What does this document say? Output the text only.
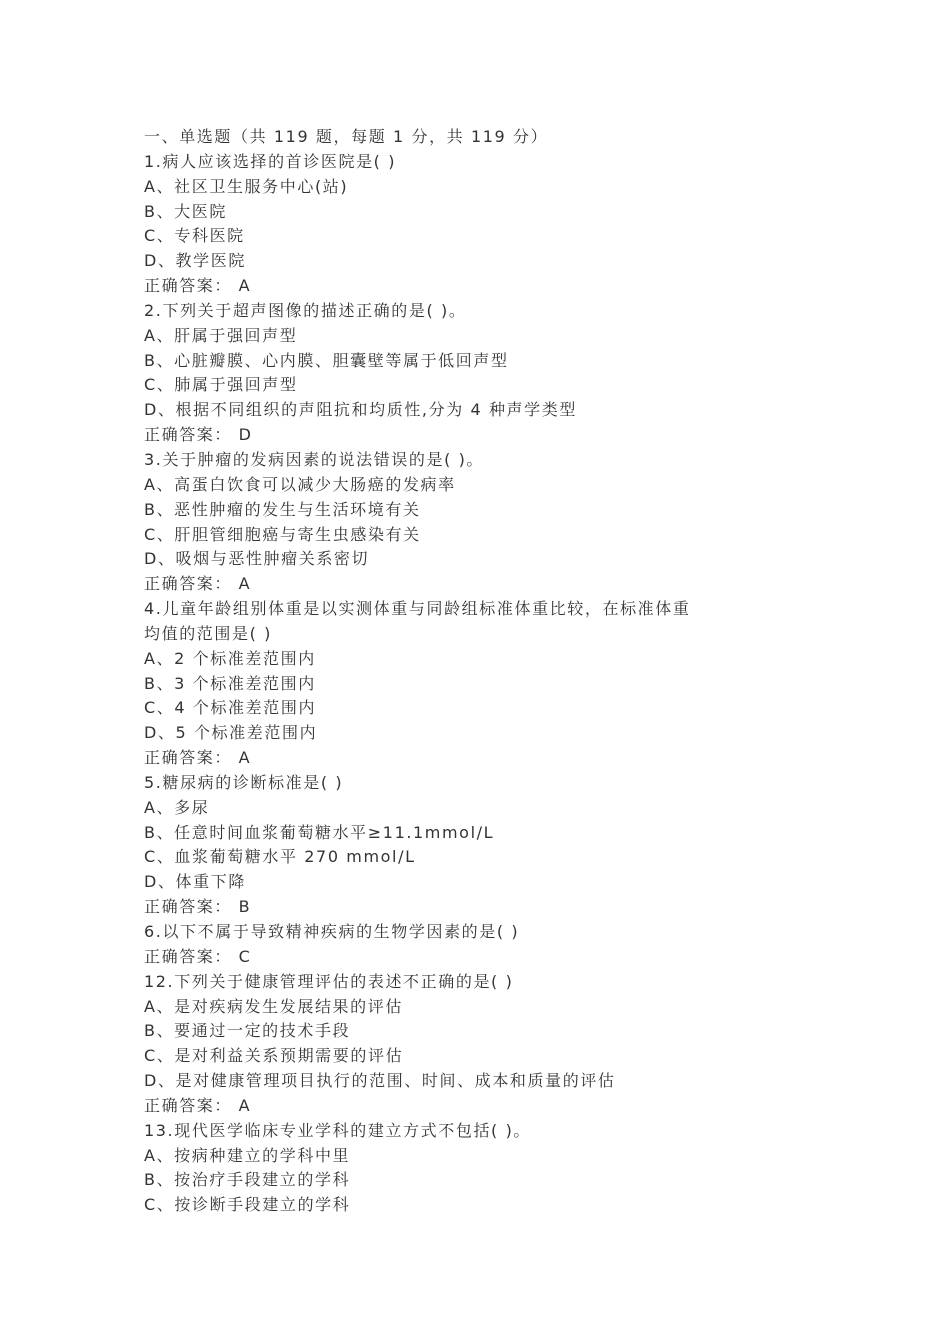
一、单选题（共 119 题，每题 1 分，共 119 分）
1.病人应该选择的首诊医院是( )
A、社区卫生服务中心(站)
B、大医院
C、专科医院
D、教学医院
正确答案： A
2.下列关于超声图像的描述正确的是( )。
A、肝属于强回声型
B、心脏瓣膜、心内膜、胆囊壁等属于低回声型
C、肺属于强回声型
D、根据不同组织的声阻抗和均质性,分为 4 种声学类型
正确答案： D
3.关于肿瘤的发病因素的说法错误的是( )。
A、高蛋白饮食可以减少大肠癌的发病率
B、恶性肿瘤的发生与生活环境有关
C、肝胆管细胞癌与寄生虫感染有关
D、吸烟与恶性肿瘤关系密切
正确答案： A
4.儿童年龄组别体重是以实测体重与同龄组标准体重比较，在标准体重
均值的范围是( )
A、2 个标准差范围内
B、3 个标准差范围内
C、4 个标准差范围内
D、5 个标准差范围内
正确答案： A
5.糖尿病的诊断标准是( )
A、多尿
B、任意时间血浆葡萄糖水平≥11.1mmol/L
C、血浆葡萄糖水平 270 mmol/L
D、体重下降
正确答案： B
6.以下不属于导致精神疾病的生物学因素的是( )
正确答案： C
12.下列关于健康管理评估的表述不正确的是( )
A、是对疾病发生发展结果的评估
B、要通过一定的技术手段
C、是对利益关系预期需要的评估
D、是对健康管理项目执行的范围、时间、成本和质量的评估
正确答案： A
13.现代医学临床专业学科的建立方式不包括( )。
A、按病种建立的学科中里
B、按治疗手段建立的学科
C、按诊断手段建立的学科
